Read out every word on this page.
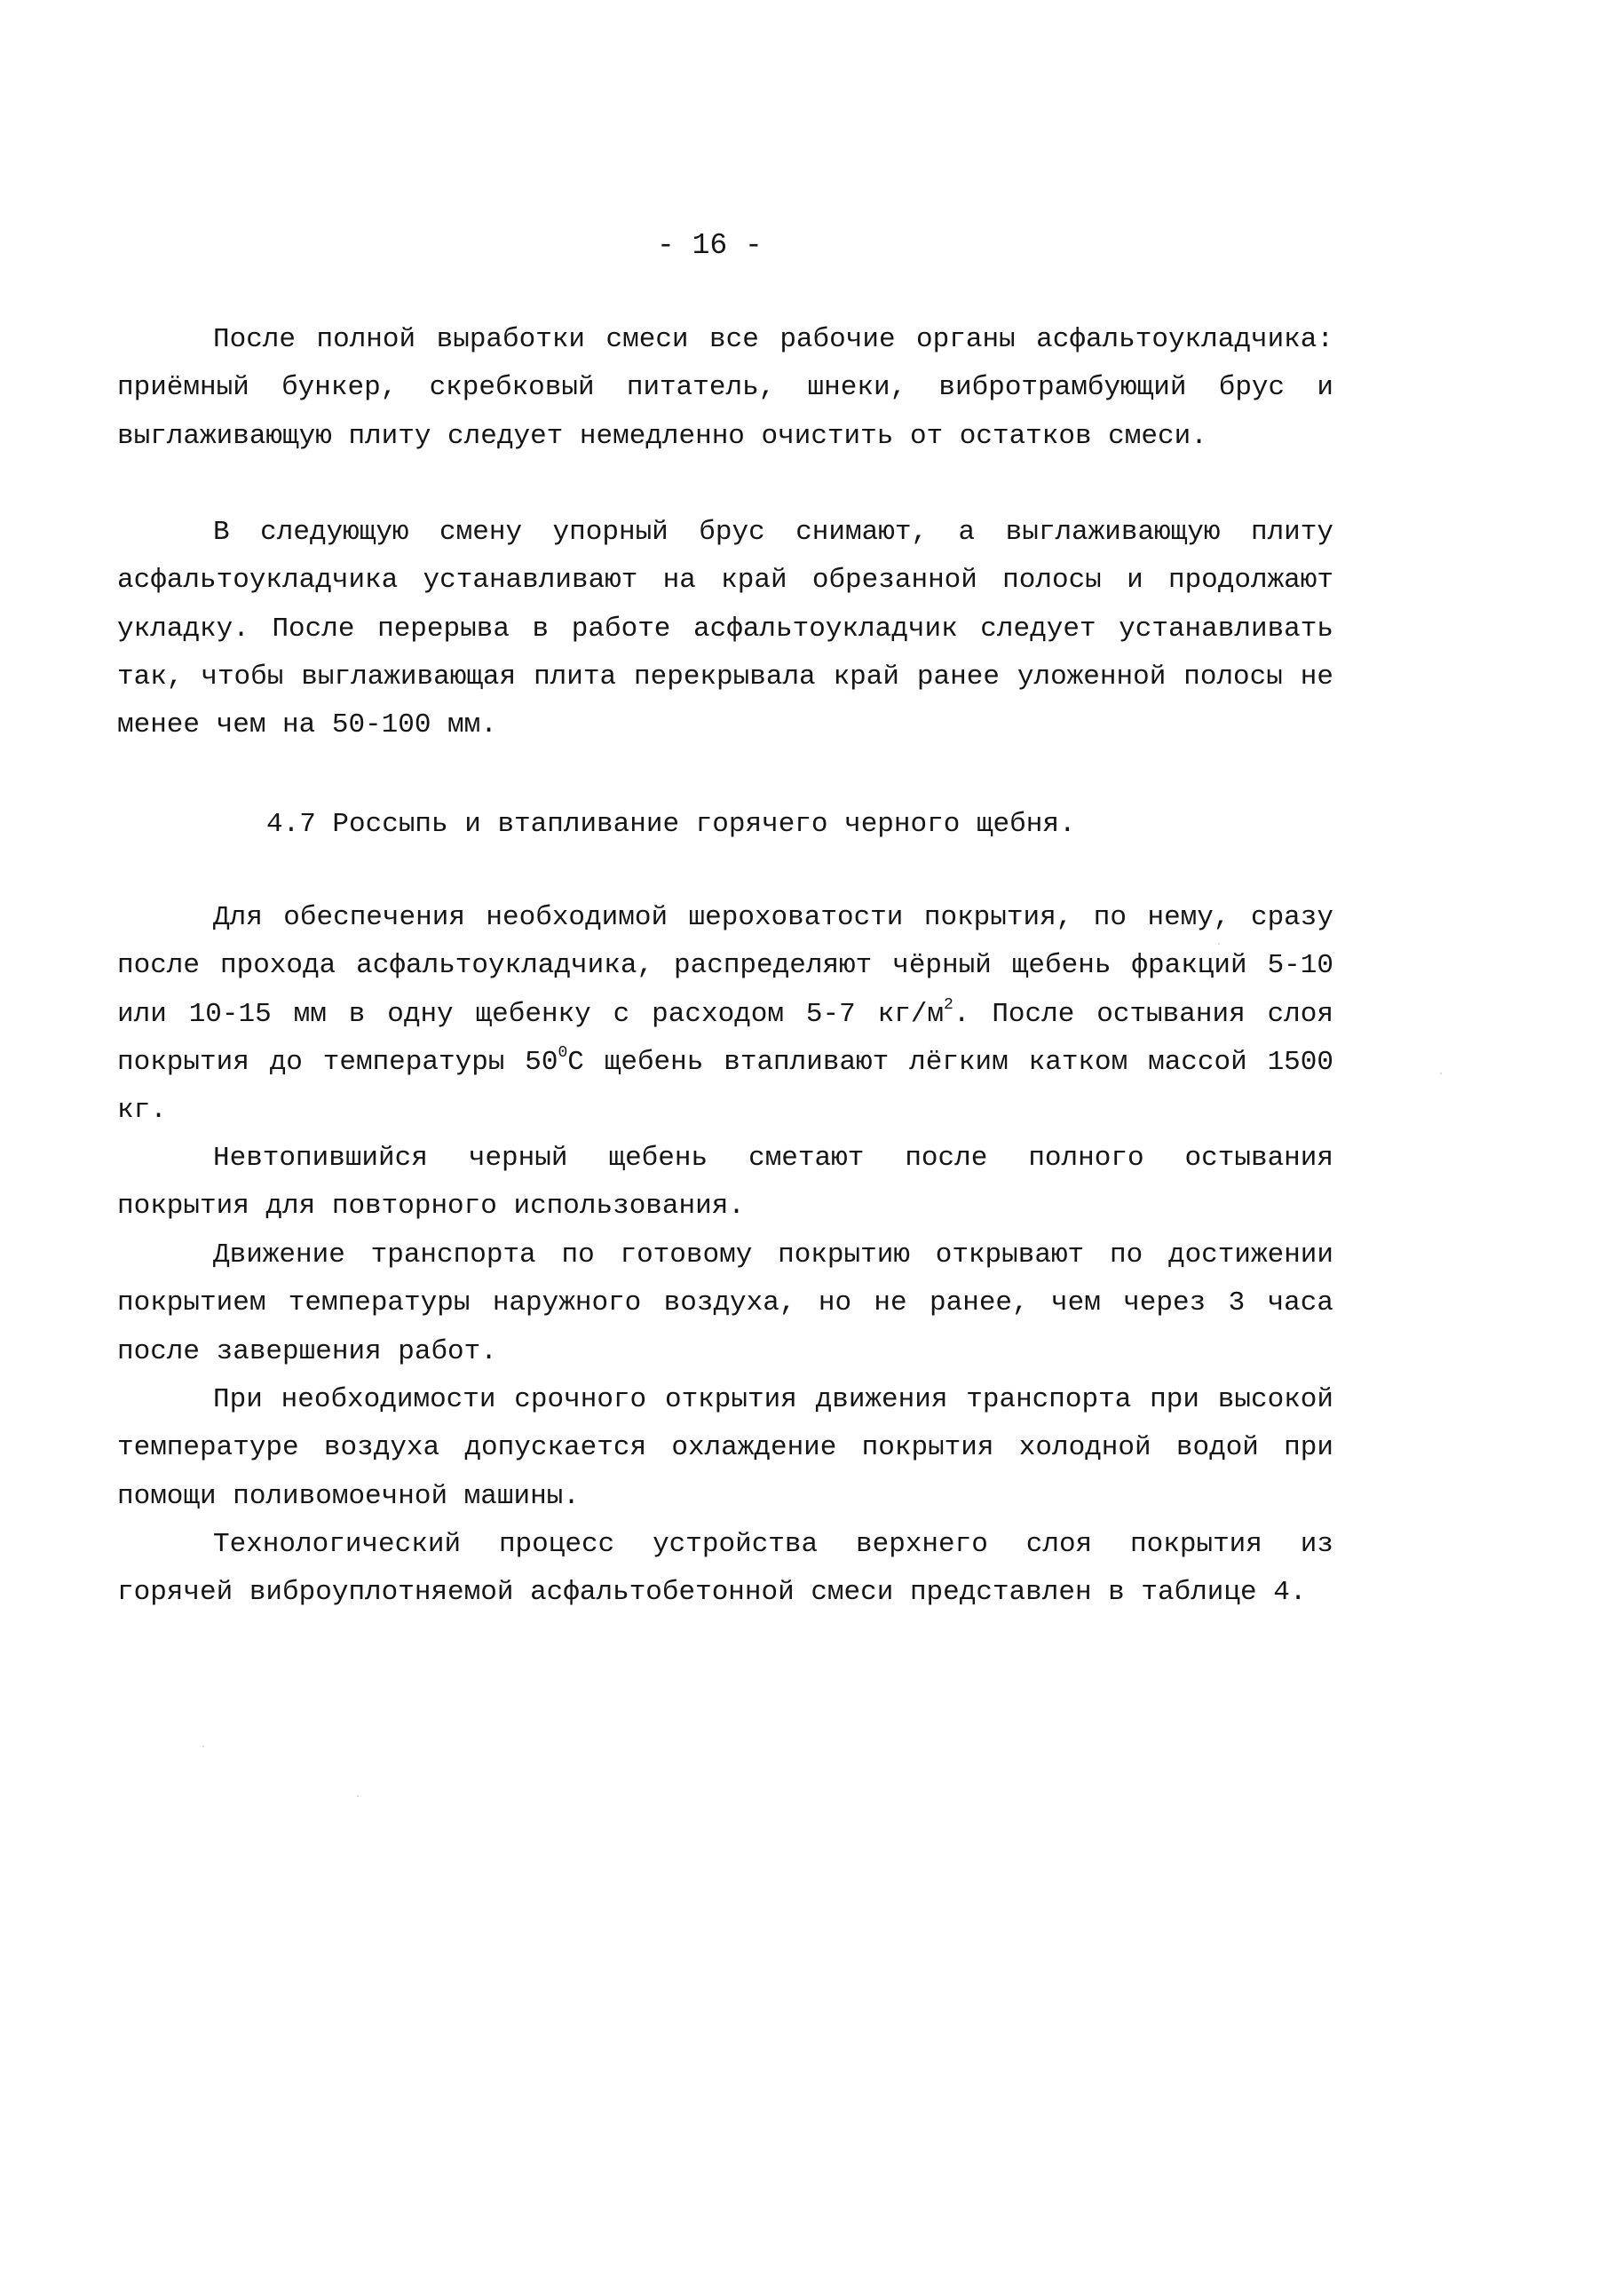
- 16 -

После полной выработки смеси все рабочие органы асфальтоукладчика: приёмный бункер, скребковый питатель, шнеки, вибротрамбующий брус и выглаживающую плиту следует немедленно очистить от остатков смеси.

В следующую смену упорный брус снимают, а выглаживающую плиту асфальтоукладчика устанавливают на край обрезанной полосы и продолжают укладку. После перерыва в работе асфальтоукладчик следует устанавливать так, чтобы выглаживающая плита перекрывала край ранее уложенной полосы не менее чем на 50-100 мм.

4.7 Россыпь и втапливание горячего черного щебня.

Для обеспечения необходимой шероховатости покрытия, по нему, сразу после прохода асфальтоукладчика, распределяют чёрный щебень фракций 5-10 или 10-15 мм в одну щебенку с расходом 5-7 $кг/м^2$. После остывания слоя покрытия до температуры $50^0С$ щебень втапливают лёгким катком массой 1500 кг.

Невтопившийся черный щебень сметают после полного остывания покрытия для повторного использования.

Движение транспорта по готовому покрытию открывают по достижении покрытием температуры наружного воздуха, но не ранее, чем через 3 часа после завершения работ.

При необходимости срочного открытия движения транспорта при высокой температуре воздуха допускается охлаждение покрытия холодной водой при помощи поливомоечной машины.

Технологический процесс устройства верхнего слоя покрытия из горячей виброуплотняемой асфальтобетонной смеси представлен в таблице 4.
